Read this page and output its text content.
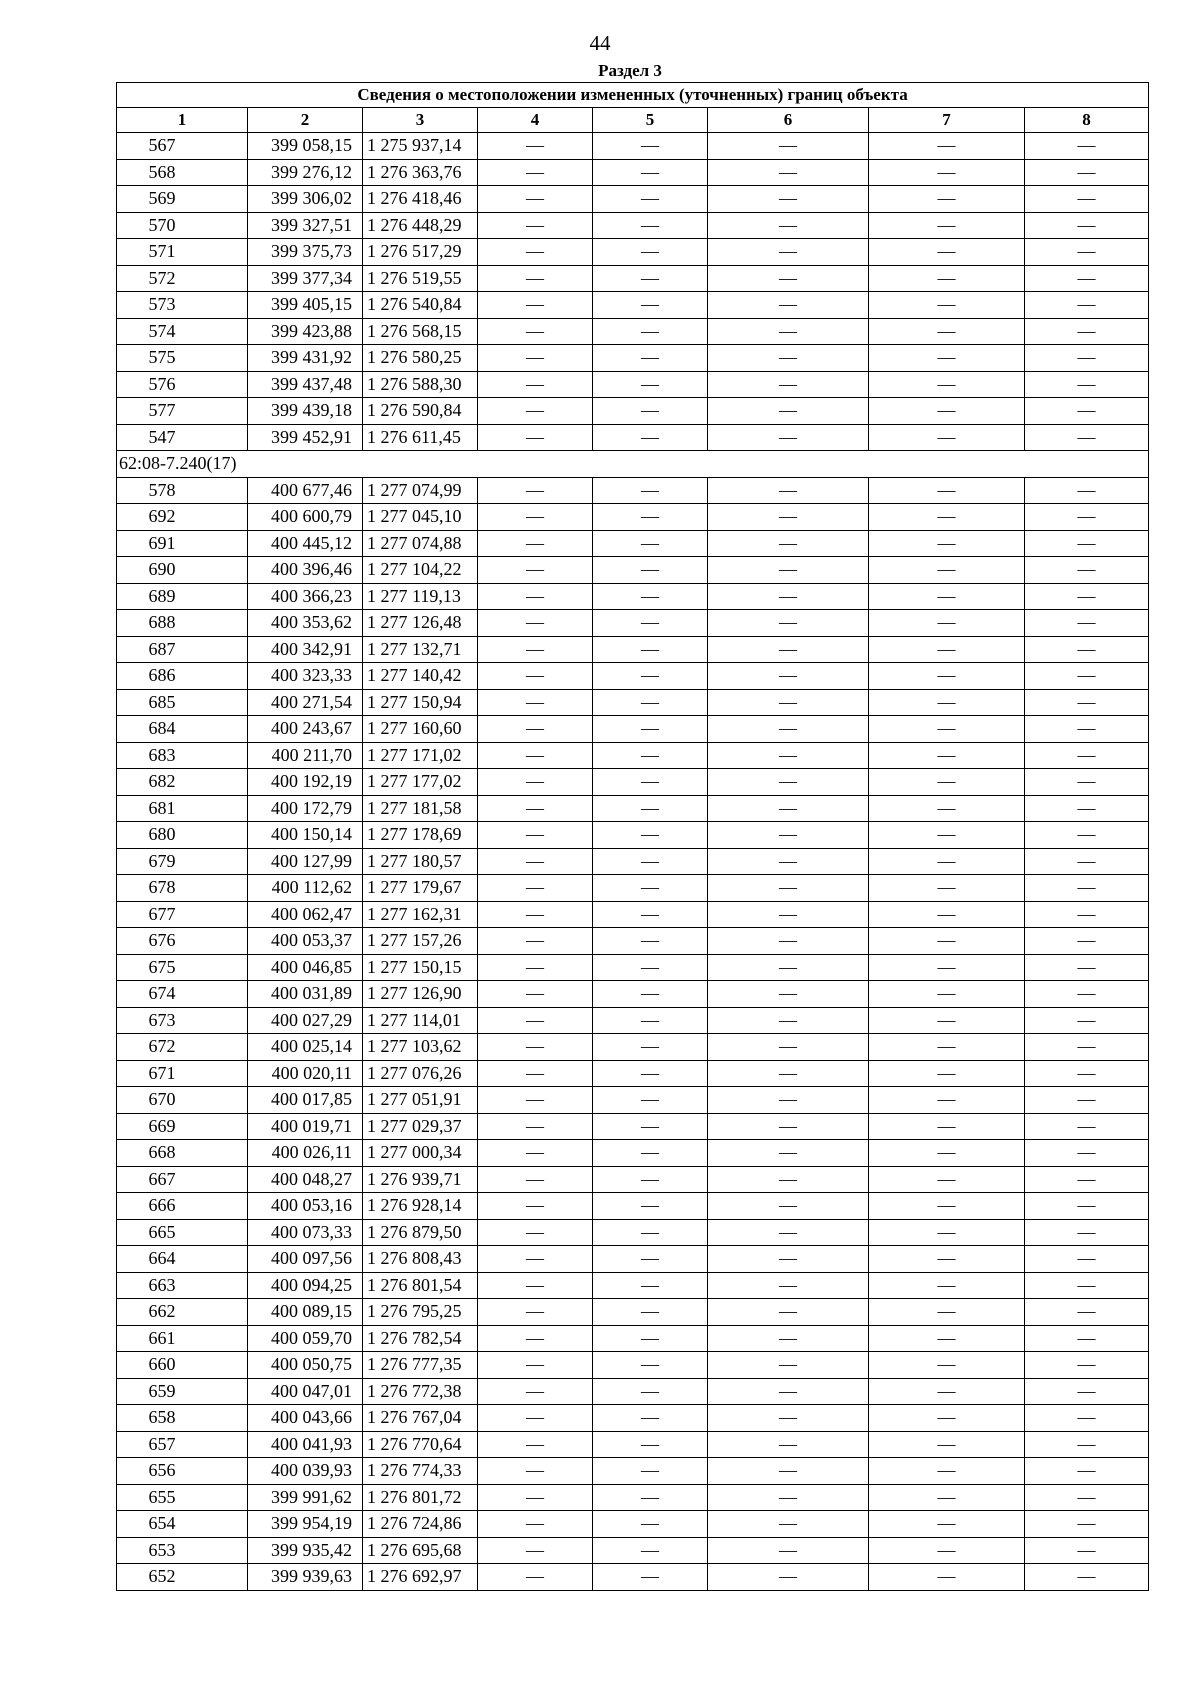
44
Раздел 3
Сведения о местоположении измененных (уточненных) границ объекта							
1	2	3	4	5	6	7	8
567	399 058,15	1 275 937,14	—	—	—	—	—
568	399 276,12	1 276 363,76	—	—	—	—	—
569	399 306,02	1 276 418,46	—	—	—	—	—
570	399 327,51	1 276 448,29	—	—	—	—	—
571	399 375,73	1 276 517,29	—	—	—	—	—
572	399 377,34	1 276 519,55	—	—	—	—	—
573	399 405,15	1 276 540,84	—	—	—	—	—
574	399 423,88	1 276 568,15	—	—	—	—	—
575	399 431,92	1 276 580,25	—	—	—	—	—
576	399 437,48	1 276 588,30	—	—	—	—	—
577	399 439,18	1 276 590,84	—	—	—	—	—
547	399 452,91	1 276 611,45	—	—	—	—	—
62:08-7.240(17)							
578	400 677,46	1 277 074,99	—	—	—	—	—
692	400 600,79	1 277 045,10	—	—	—	—	—
691	400 445,12	1 277 074,88	—	—	—	—	—
690	400 396,46	1 277 104,22	—	—	—	—	—
689	400 366,23	1 277 119,13	—	—	—	—	—
688	400 353,62	1 277 126,48	—	—	—	—	—
687	400 342,91	1 277 132,71	—	—	—	—	—
686	400 323,33	1 277 140,42	—	—	—	—	—
685	400 271,54	1 277 150,94	—	—	—	—	—
684	400 243,67	1 277 160,60	—	—	—	—	—
683	400 211,70	1 277 171,02	—	—	—	—	—
682	400 192,19	1 277 177,02	—	—	—	—	—
681	400 172,79	1 277 181,58	—	—	—	—	—
680	400 150,14	1 277 178,69	—	—	—	—	—
679	400 127,99	1 277 180,57	—	—	—	—	—
678	400 112,62	1 277 179,67	—	—	—	—	—
677	400 062,47	1 277 162,31	—	—	—	—	—
676	400 053,37	1 277 157,26	—	—	—	—	—
675	400 046,85	1 277 150,15	—	—	—	—	—
674	400 031,89	1 277 126,90	—	—	—	—	—
673	400 027,29	1 277 114,01	—	—	—	—	—
672	400 025,14	1 277 103,62	—	—	—	—	—
671	400 020,11	1 277 076,26	—	—	—	—	—
670	400 017,85	1 277 051,91	—	—	—	—	—
669	400 019,71	1 277 029,37	—	—	—	—	—
668	400 026,11	1 277 000,34	—	—	—	—	—
667	400 048,27	1 276 939,71	—	—	—	—	—
666	400 053,16	1 276 928,14	—	—	—	—	—
665	400 073,33	1 276 879,50	—	—	—	—	—
664	400 097,56	1 276 808,43	—	—	—	—	—
663	400 094,25	1 276 801,54	—	—	—	—	—
662	400 089,15	1 276 795,25	—	—	—	—	—
661	400 059,70	1 276 782,54	—	—	—	—	—
660	400 050,75	1 276 777,35	—	—	—	—	—
659	400 047,01	1 276 772,38	—	—	—	—	—
658	400 043,66	1 276 767,04	—	—	—	—	—
657	400 041,93	1 276 770,64	—	—	—	—	—
656	400 039,93	1 276 774,33	—	—	—	—	—
655	399 991,62	1 276 801,72	—	—	—	—	—
654	399 954,19	1 276 724,86	—	—	—	—	—
653	399 935,42	1 276 695,68	—	—	—	—	—
652	399 939,63	1 276 692,97	—	—	—	—	—
